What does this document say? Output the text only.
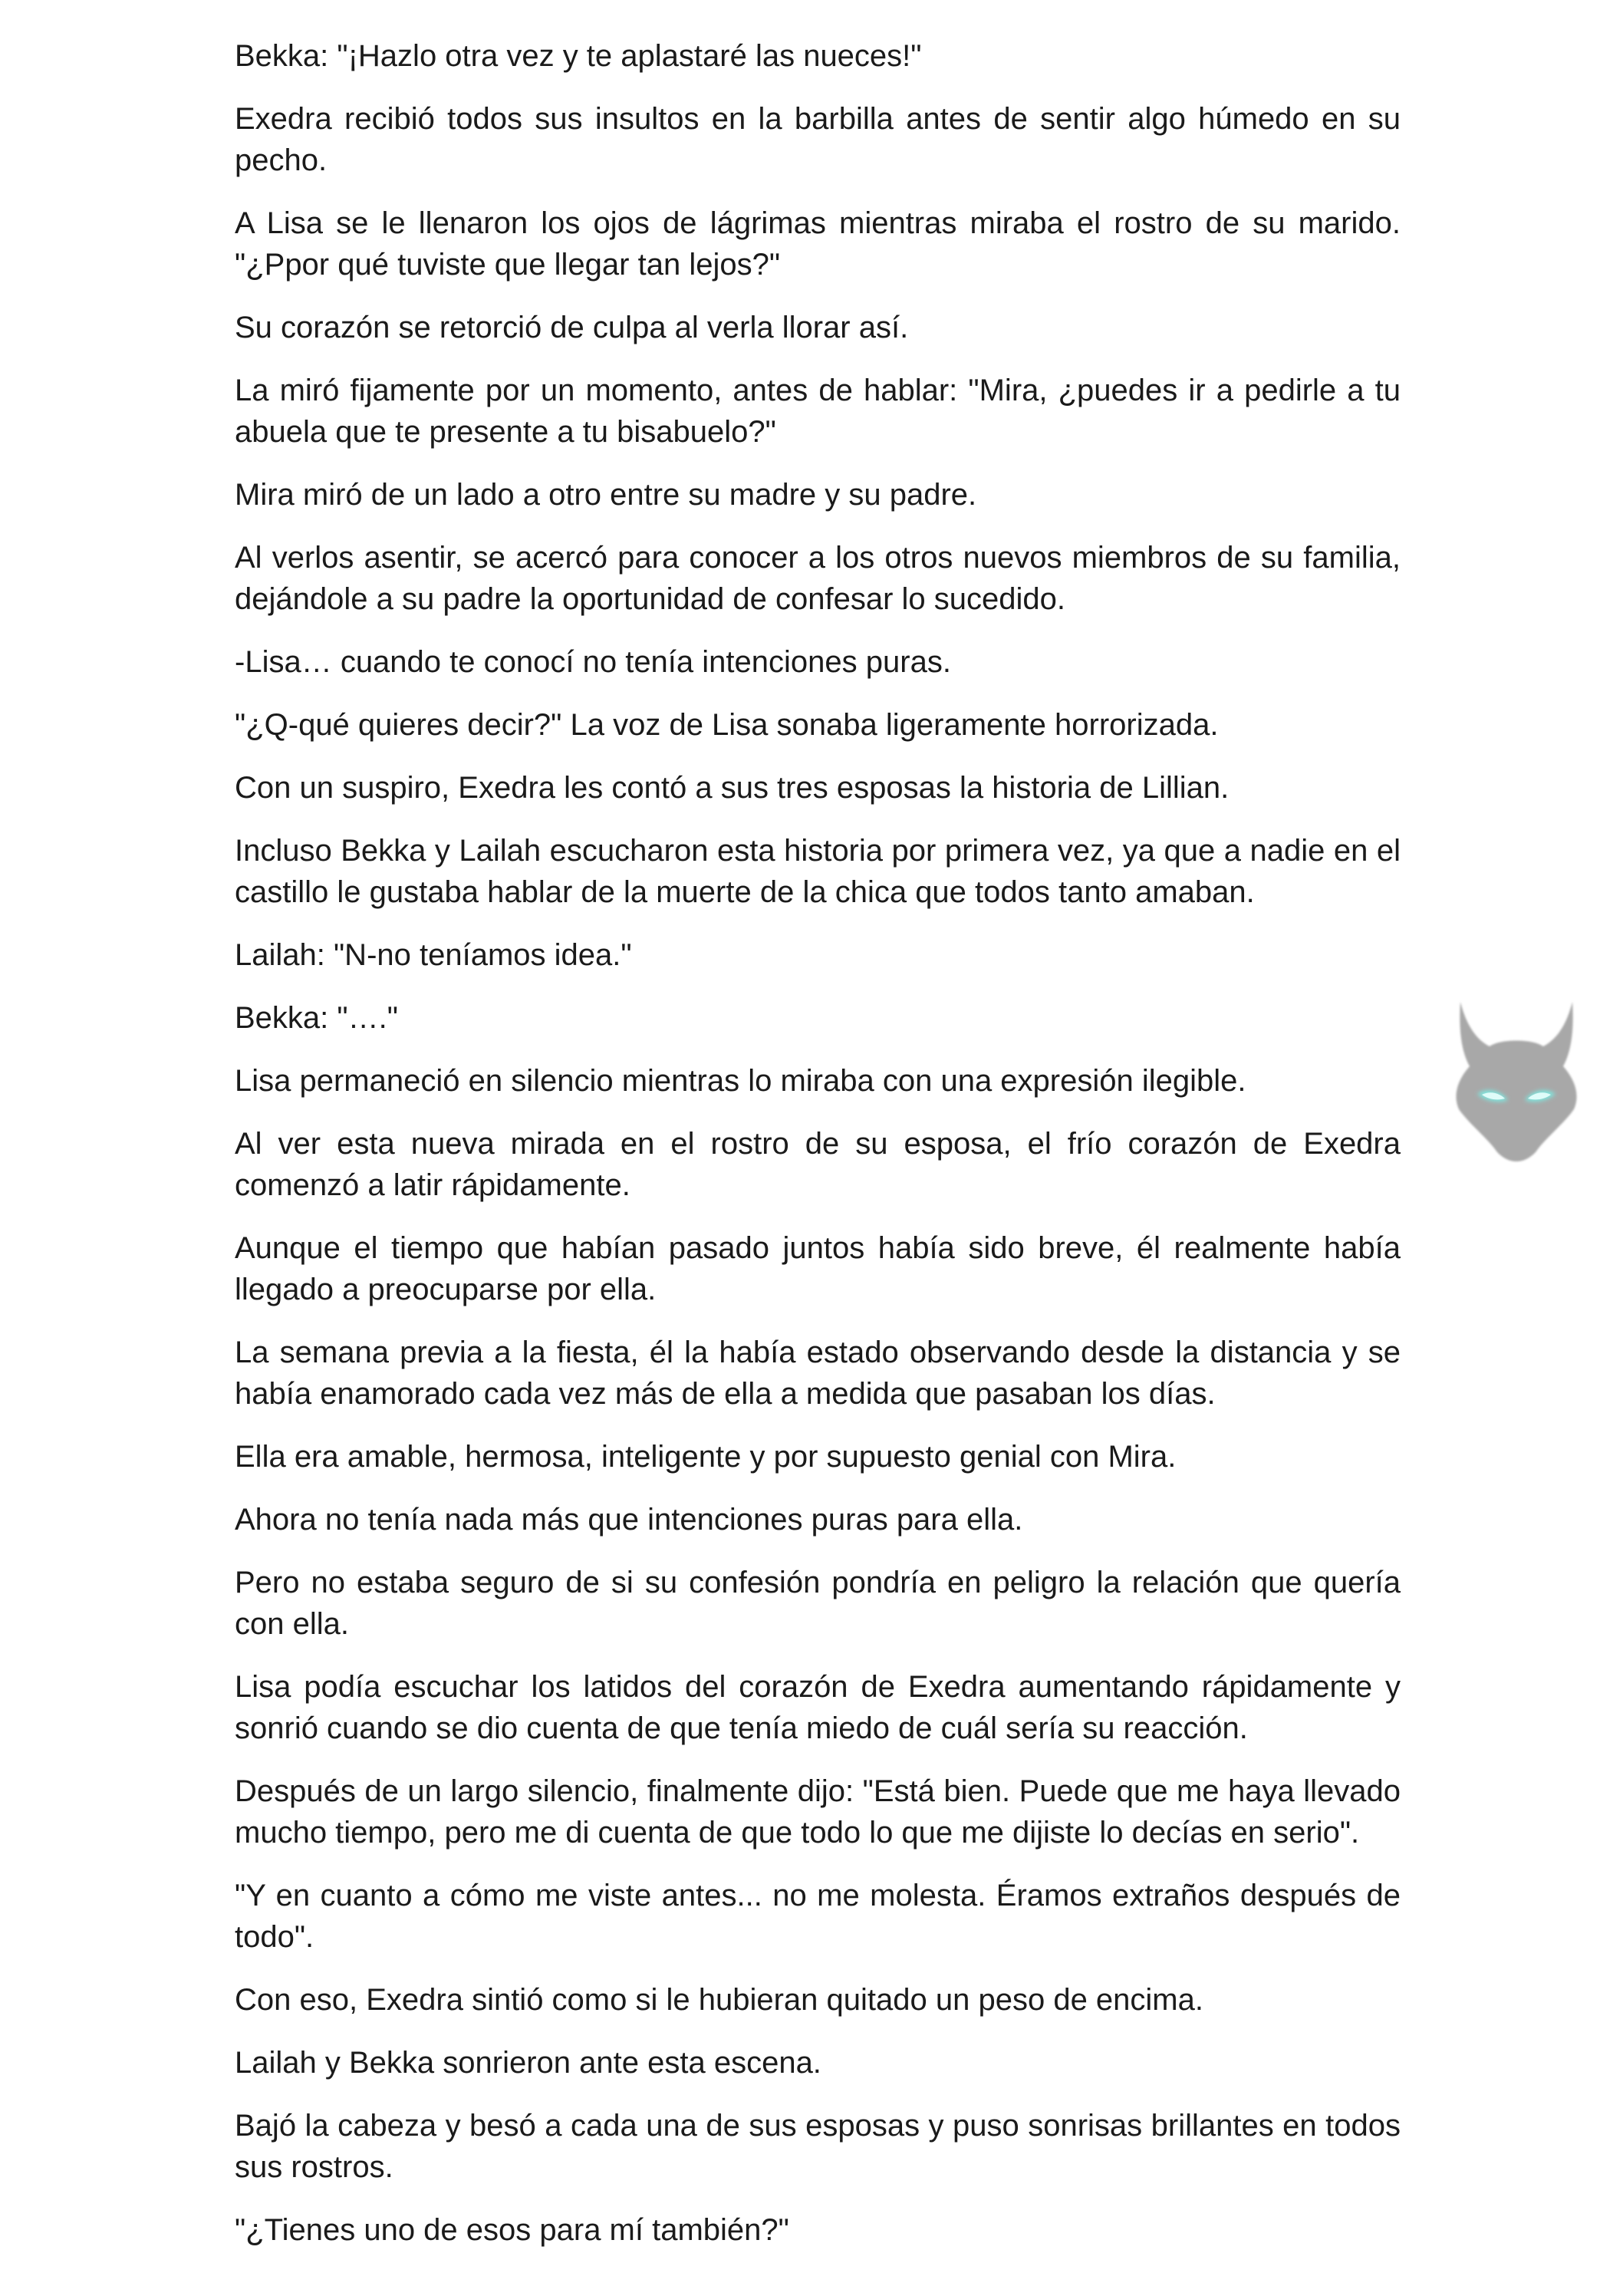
Bekka: "¡Hazlo otra vez y te aplastaré las nueces!"

Exedra recibió todos sus insultos en la barbilla antes de sentir algo húmedo en su pecho.

A Lisa se le llenaron los ojos de lágrimas mientras miraba el rostro de su marido. "¿Ppor qué tuviste que llegar tan lejos?"

Su corazón se retorció de culpa al verla llorar así.

La miró fijamente por un momento, antes de hablar: "Mira, ¿puedes ir a pedirle a tu abuela que te presente a tu bisabuelo?"

Mira miró de un lado a otro entre su madre y su padre.

Al verlos asentir, se acercó para conocer a los otros nuevos miembros de su familia, dejándole a su padre la oportunidad de confesar lo sucedido.

-Lisa… cuando te conocí no tenía intenciones puras.

"¿Q-qué quieres decir?" La voz de Lisa sonaba ligeramente horrorizada.

Con un suspiro, Exedra les contó a sus tres esposas la historia de Lillian.

Incluso Bekka y Lailah escucharon esta historia por primera vez, ya que a nadie en el castillo le gustaba hablar de la muerte de la chica que todos tanto amaban.

Lailah: "N-no teníamos idea."

Bekka: "…."

Lisa permaneció en silencio mientras lo miraba con una expresión ilegible.

Al ver esta nueva mirada en el rostro de su esposa, el frío corazón de Exedra comenzó a latir rápidamente.

Aunque el tiempo que habían pasado juntos había sido breve, él realmente había llegado a preocuparse por ella.

La semana previa a la fiesta, él la había estado observando desde la distancia y se había enamorado cada vez más de ella a medida que pasaban los días.

Ella era amable, hermosa, inteligente y por supuesto genial con Mira.

Ahora no tenía nada más que intenciones puras para ella.

Pero no estaba seguro de si su confesión pondría en peligro la relación que quería con ella.

Lisa podía escuchar los latidos del corazón de Exedra aumentando rápidamente y sonrió cuando se dio cuenta de que tenía miedo de cuál sería su reacción.

Después de un largo silencio, finalmente dijo: "Está bien. Puede que me haya llevado mucho tiempo, pero me di cuenta de que todo lo que me dijiste lo decías en serio".

"Y en cuanto a cómo me viste antes... no me molesta. Éramos extraños después de todo".

Con eso, Exedra sintió como si le hubieran quitado un peso de encima.

Lailah y Bekka sonrieron ante esta escena.

Bajó la cabeza y besó a cada una de sus esposas y puso sonrisas brillantes en todos sus rostros.

"¿Tienes uno de esos para mí también?"
